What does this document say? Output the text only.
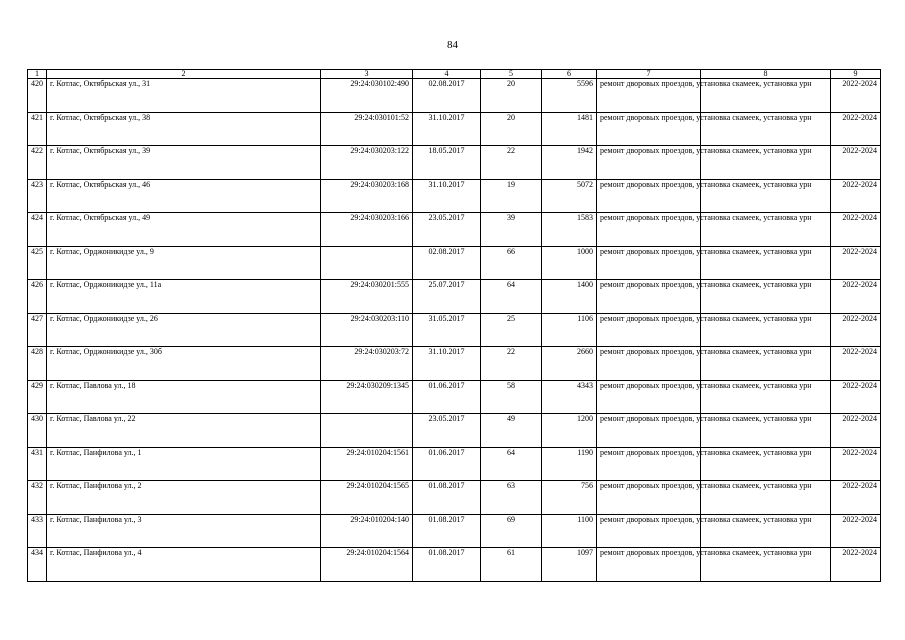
84
1	2	3	4	5	6	7	8	9
420	г. Котлас, Октябрьская ул., 31	29:24:030102:490	02.08.2017	20	5596	ремонт дворовых проездов, установка скамеек, установка урн		2022-2024
421	г. Котлас, Октябрьская ул., 38	29:24:030101:52	31.10.2017	20	1481	ремонт дворовых проездов, установка скамеек, установка урн		2022-2024
422	г. Котлас, Октябрьская ул., 39	29:24:030203:122	18.05.2017	22	1942	ремонт дворовых проездов, установка скамеек, установка урн		2022-2024
423	г. Котлас, Октябрьская ул., 46	29:24:030203:168	31.10.2017	19	5072	ремонт дворовых проездов, установка скамеек, установка урн		2022-2024
424	г. Котлас, Октябрьская ул., 49	29:24:030203:166	23.05.2017	39	1583	ремонт дворовых проездов, установка скамеек, установка урн		2022-2024
425	г. Котлас, Орджоникидзе ул., 9		02.08.2017	66	1000	ремонт дворовых проездов, установка скамеек, установка урн		2022-2024
426	г. Котлас, Орджоникидзе ул., 11а	29:24:030201:555	25.07.2017	64	1400	ремонт дворовых проездов, установка скамеек, установка урн		2022-2024
427	г. Котлас, Орджоникидзе ул., 26	29:24:030203:110	31.05.2017	25	1106	ремонт дворовых проездов, установка скамеек, установка урн		2022-2024
428	г. Котлас, Орджоникидзе ул., 30б	29:24:030203:72	31.10.2017	22	2660	ремонт дворовых проездов, установка скамеек, установка урн		2022-2024
429	г. Котлас, Павлова ул., 18	29:24:030209:1345	01.06.2017	58	4343	ремонт дворовых проездов, установка скамеек, установка урн		2022-2024
430	г. Котлас, Павлова ул., 22		23.05.2017	49	1200	ремонт дворовых проездов, установка скамеек, установка урн		2022-2024
431	г. Котлас, Панфилова ул., 1	29:24:010204:1561	01.06.2017	64	1190	ремонт дворовых проездов, установка скамеек, установка урн		2022-2024
432	г. Котлас, Панфилова ул., 2	29:24:010204:1565	01.08.2017	63	756	ремонт дворовых проездов, установка скамеек, установка урн		2022-2024
433	г. Котлас, Панфилова ул., 3	29:24:010204:140	01.08.2017	69	1100	ремонт дворовых проездов, установка скамеек, установка урн		2022-2024
434	г. Котлас, Панфилова ул., 4	29:24:010204:1564	01.08.2017	61	1097	ремонт дворовых проездов, установка скамеек, установка урн		2022-2024
